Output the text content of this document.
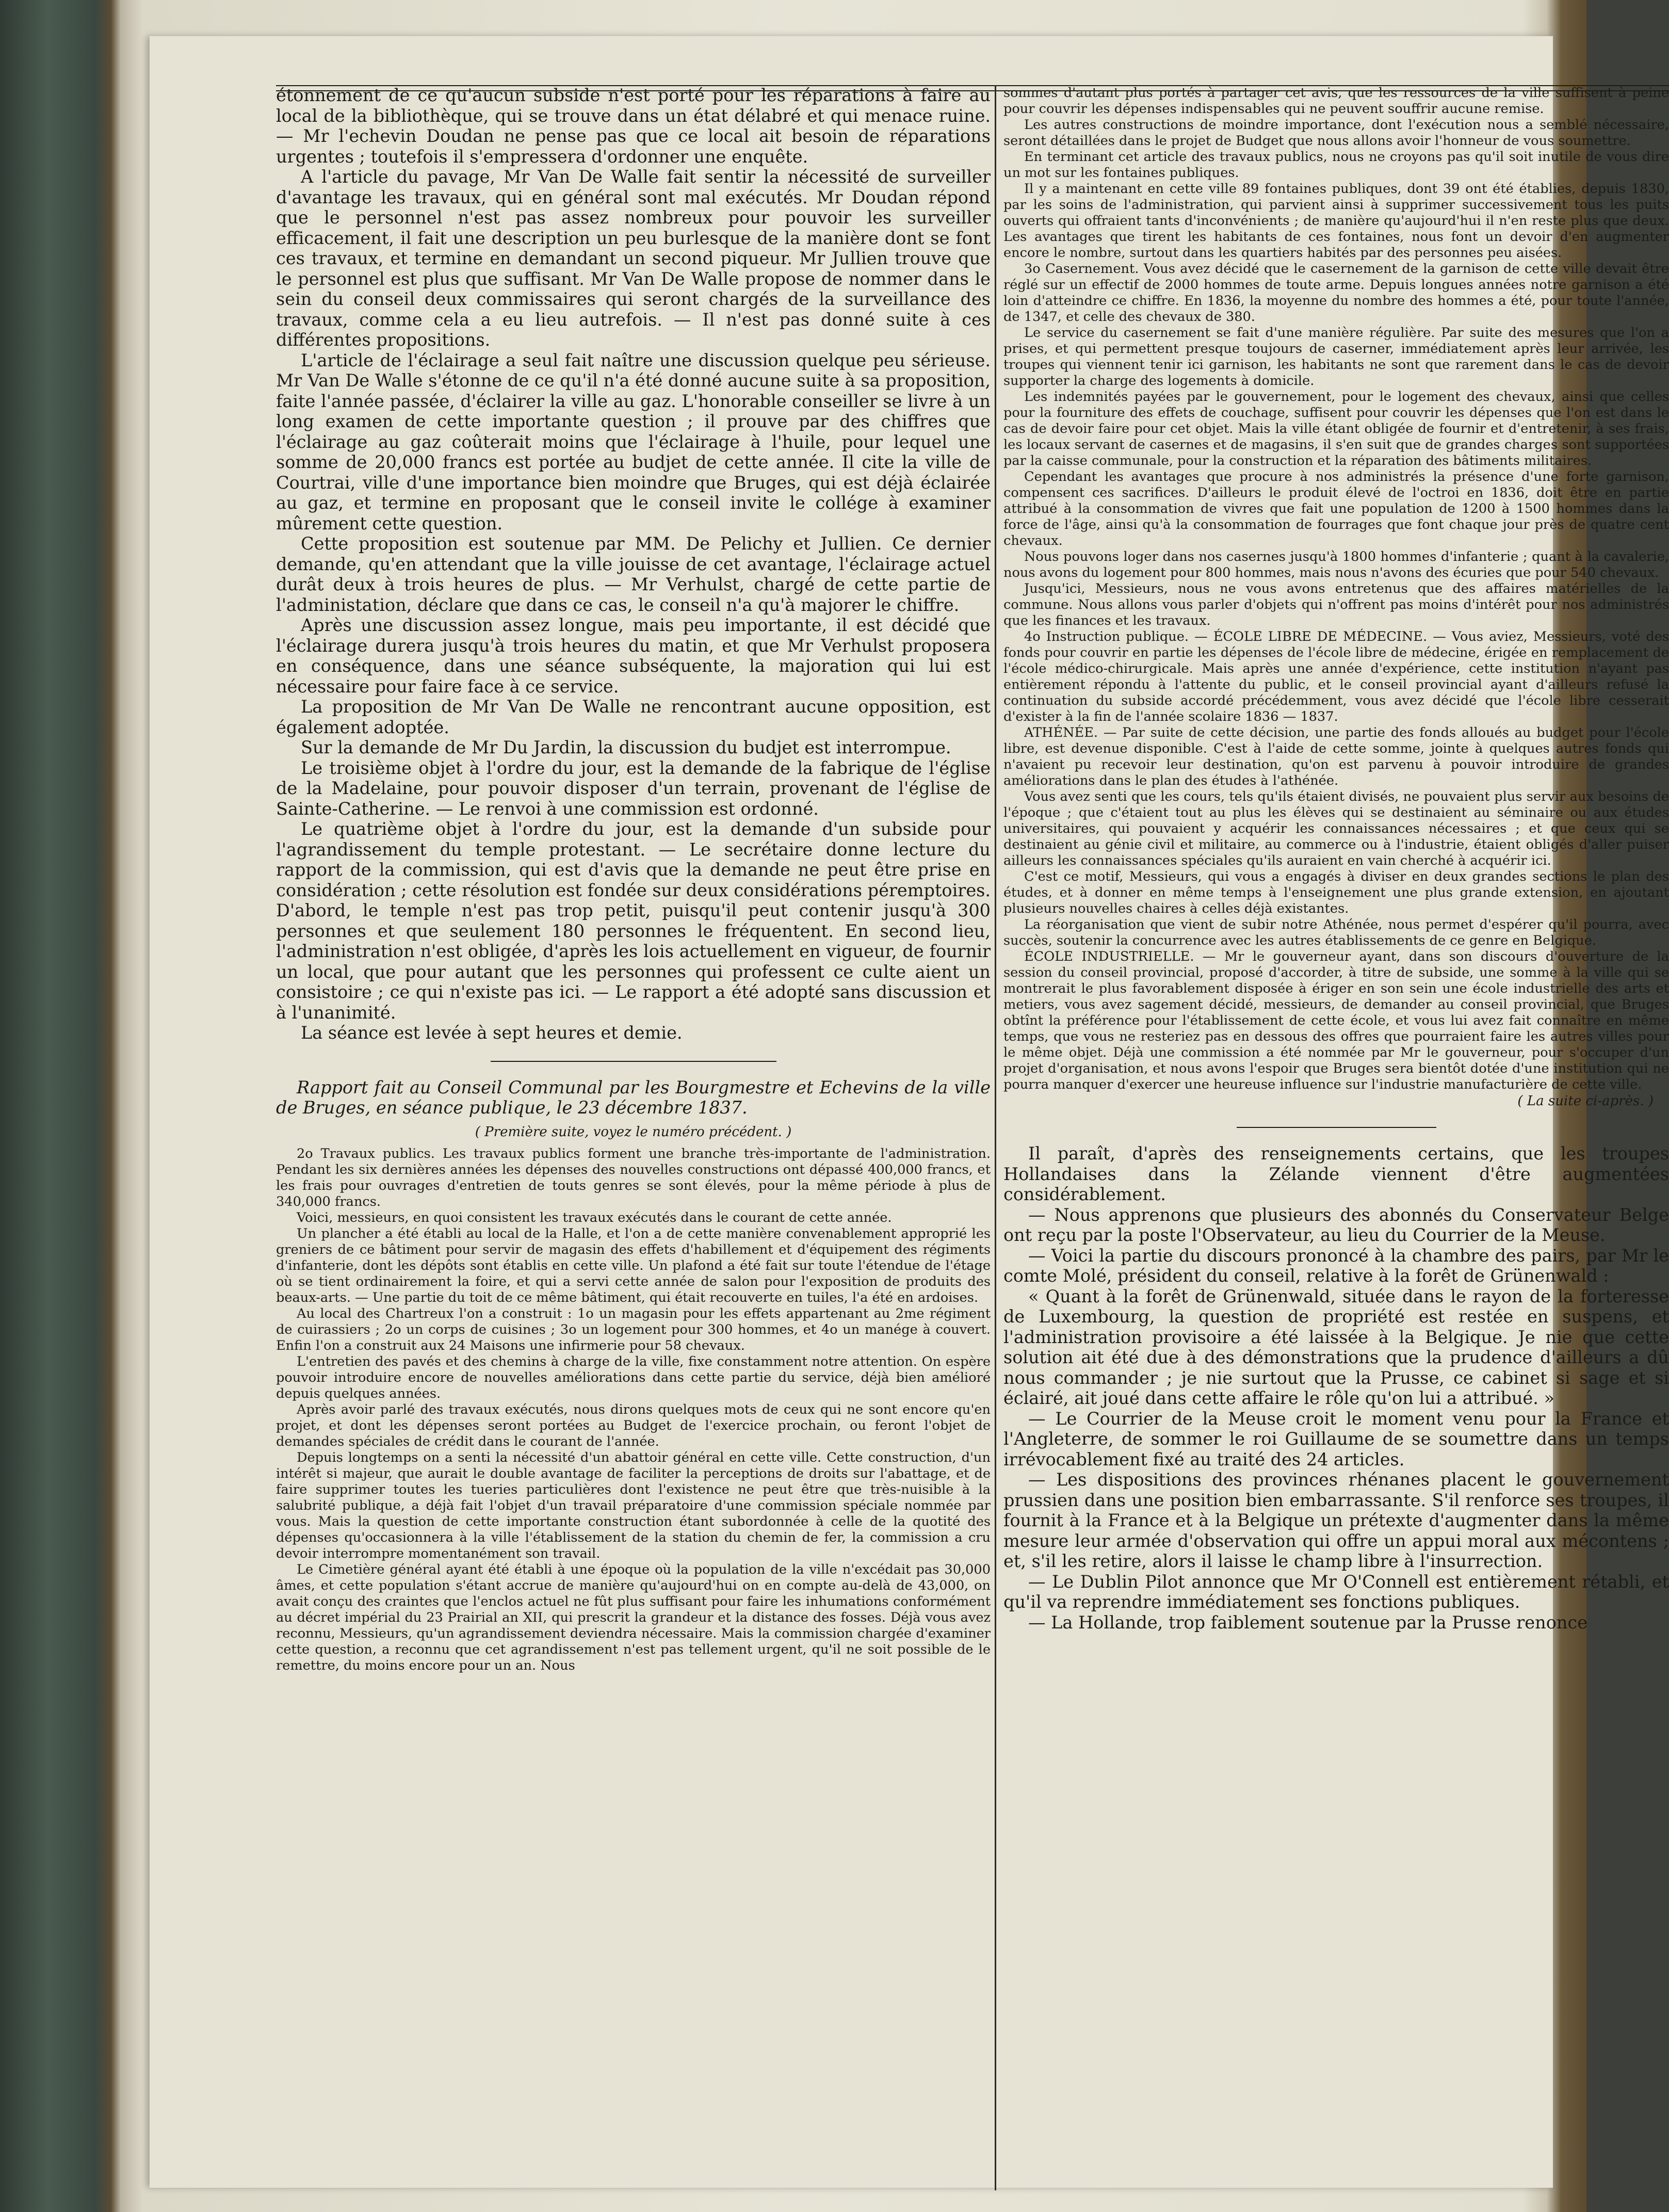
étonnement de ce qu'aucun subside n'est porté pour les réparations à faire au local de la bibliothèque, qui se trouve dans un état délabré et qui menace ruine. — Mr l'echevin Doudan ne pense pas que ce local ait besoin de réparations urgentes ; toutefois il s'empressera d'ordonner une enquête.

A l'article du pavage, Mr Van De Walle fait sentir la nécessité de surveiller d'avantage les travaux, qui en général sont mal exécutés. Mr Doudan répond que le personnel n'est pas assez nombreux pour pouvoir les surveiller efficacement, il fait une description un peu burlesque de la manière dont se font ces travaux, et termine en demandant un second piqueur. Mr Jullien trouve que le personnel est plus que suffisant. Mr Van De Walle propose de nommer dans le sein du conseil deux commissaires qui seront chargés de la surveillance des travaux, comme cela a eu lieu autrefois. — Il n'est pas donné suite à ces différentes propositions.

L'article de l'éclairage a seul fait naître une discussion quelque peu sérieuse. Mr Van De Walle s'étonne de ce qu'il n'a été donné aucune suite à sa proposition, faite l'année passée, d'éclairer la ville au gaz. L'honorable conseiller se livre à un long examen de cette importante question ; il prouve par des chiffres que l'éclairage au gaz coûterait moins que l'éclairage à l'huile, pour lequel une somme de 20,000 francs est portée au budjet de cette année. Il cite la ville de Courtrai, ville d'une importance bien moindre que Bruges, qui est déjà éclairée au gaz, et termine en proposant que le conseil invite le collége à examiner mûrement cette question.

Cette proposition est soutenue par MM. De Pelichy et Jullien. Ce dernier demande, qu'en attendant que la ville jouisse de cet avantage, l'éclairage actuel durât deux à trois heures de plus. — Mr Verhulst, chargé de cette partie de l'administation, déclare que dans ce cas, le conseil n'a qu'à majorer le chiffre.

Après une discussion assez longue, mais peu importante, il est décidé que l'éclairage durera jusqu'à trois heures du matin, et que Mr Verhulst proposera en conséquence, dans une séance subséquente, la majoration qui lui est nécessaire pour faire face à ce service.

La proposition de Mr Van De Walle ne rencontrant aucune opposition, est également adoptée.

Sur la demande de Mr Du Jardin, la discussion du budjet est interrompue.

Le troisième objet à l'ordre du jour, est la demande de la fabrique de l'église de la Madelaine, pour pouvoir disposer d'un terrain, provenant de l'église de Sainte-Catherine. — Le renvoi à une commission est ordonné.

Le quatrième objet à l'ordre du jour, est la demande d'un subside pour l'agrandissement du temple protestant. — Le secrétaire donne lecture du rapport de la commission, qui est d'avis que la demande ne peut être prise en considération ; cette résolution est fondée sur deux considérations péremptoires. D'abord, le temple n'est pas trop petit, puisqu'il peut contenir jusqu'à 300 personnes et que seulement 180 personnes le fréquentent. En second lieu, l'administration n'est obligée, d'après les lois actuellement en vigueur, de fournir un local, que pour autant que les personnes qui professent ce culte aient un consistoire ; ce qui n'existe pas ici. — Le rapport a été adopté sans discussion et à l'unanimité.

La séance est levée à sept heures et demie.

Rapport fait au Conseil Communal par les Bourgmestre et Echevins de la ville de Bruges, en séance publique, le 23 décembre 1837.
( Première suite, voyez le numéro précédent. )

2o Travaux publics. Les travaux publics forment une branche très-importante de l'administration. Pendant les six dernières années les dépenses des nouvelles constructions ont dépassé 400,000 francs, et les frais pour ouvrages d'entretien de touts genres se sont élevés, pour la même période à plus de 340,000 francs.

Voici, messieurs, en quoi consistent les travaux exécutés dans le courant de cette année.

Un plancher a été établi au local de la Halle, et l'on a de cette manière convenablement approprié les greniers de ce bâtiment pour servir de magasin des effets d'habillement et d'équipement des régiments d'infanterie, dont les dépôts sont établis en cette ville. Un plafond a été fait sur toute l'étendue de l'étage où se tient ordinairement la foire, et qui a servi cette année de salon pour l'exposition de produits des beaux-arts. — Une partie du toit de ce même bâtiment, qui était recouverte en tuiles, l'a été en ardoises.

Au local des Chartreux l'on a construit : 1o un magasin pour les effets appartenant au 2me régiment de cuirassiers ; 2o un corps de cuisines ; 3o un logement pour 300 hommes, et 4o un manége à couvert. Enfin l'on a construit aux 24 Maisons une infirmerie pour 58 chevaux.

L'entretien des pavés et des chemins à charge de la ville, fixe constamment notre attention. On espère pouvoir introduire encore de nouvelles améliorations dans cette partie du service, déjà bien amélioré depuis quelques années.

Après avoir parlé des travaux exécutés, nous dirons quelques mots de ceux qui ne sont encore qu'en projet, et dont les dépenses seront portées au Budget de l'exercice prochain, ou feront l'objet de demandes spéciales de crédit dans le courant de l'année.

Depuis longtemps on a senti la nécessité d'un abattoir général en cette ville. Cette construction, d'un intérêt si majeur, que aurait le double avantage de faciliter la perceptions de droits sur l'abattage, et de faire supprimer toutes les tueries particulières dont l'existence ne peut être que très-nuisible à la salubrité publique, a déjà fait l'objet d'un travail préparatoire d'une commission spéciale nommée par vous. Mais la question de cette importante construction étant subordonnée à celle de la quotité des dépenses qu'occasionnera à la ville l'établissement de la station du chemin de fer, la commission a cru devoir interrompre momentanément son travail.

Le Cimetière général ayant été établi à une époque où la population de la ville n'excédait pas 30,000 âmes, et cette population s'étant accrue de manière qu'aujourd'hui on en compte au-delà de 43,000, on avait conçu des craintes que l'enclos actuel ne fût plus suffisant pour faire les inhumations conformément au décret impérial du 23 Prairial an XII, qui prescrit la grandeur et la distance des fosses. Déjà vous avez reconnu, Messieurs, qu'un agrandissement deviendra nécessaire. Mais la commission chargée d'examiner cette question, a reconnu que cet agrandissement n'est pas tellement urgent, qu'il ne soit possible de le remettre, du moins encore pour un an. Nous

sommes d'autant plus portés à partager cet avis, que les ressources de la ville suffisent à peine pour couvrir les dépenses indispensables qui ne peuvent souffrir aucune remise.

Les autres constructions de moindre importance, dont l'exécution nous a semblé nécessaire, seront détaillées dans le projet de Budget que nous allons avoir l'honneur de vous soumettre.

En terminant cet article des travaux publics, nous ne croyons pas qu'il soit inutile de vous dire un mot sur les fontaines publiques.

Il y a maintenant en cette ville 89 fontaines publiques, dont 39 ont été établies, depuis 1830, par les soins de l'administration, qui parvient ainsi à supprimer successivement tous les puits ouverts qui offraient tants d'inconvénients ; de manière qu'aujourd'hui il n'en reste plus que deux. Les avantages que tirent les habitants de ces fontaines, nous font un devoir d'en augmenter encore le nombre, surtout dans les quartiers habités par des personnes peu aisées.

3o Casernement. Vous avez décidé que le casernement de la garnison de cette ville devait être réglé sur un effectif de 2000 hommes de toute arme. Depuis longues années notre garnison a été loin d'atteindre ce chiffre. En 1836, la moyenne du nombre des hommes a été, pour toute l'année, de 1347, et celle des chevaux de 380.

Le service du casernement se fait d'une manière régulière. Par suite des mesures que l'on a prises, et qui permettent presque toujours de caserner, immédiatement après leur arrivée, les troupes qui viennent tenir ici garnison, les habitants ne sont que rarement dans le cas de devoir supporter la charge des logements à domicile.

Les indemnités payées par le gouvernement, pour le logement des chevaux, ainsi que celles pour la fourniture des effets de couchage, suffisent pour couvrir les dépenses que l'on est dans le cas de devoir faire pour cet objet. Mais la ville étant obligée de fournir et d'entretenir, à ses frais, les locaux servant de casernes et de magasins, il s'en suit que de grandes charges sont supportées par la caisse communale, pour la construction et la réparation des bâtiments militaires.

Cependant les avantages que procure à nos administrés la présence d'une forte garnison, compensent ces sacrifices. D'ailleurs le produit élevé de l'octroi en 1836, doit être en partie attribué à la consommation de vivres que fait une population de 1200 à 1500 hommes dans la force de l'âge, ainsi qu'à la consommation de fourrages que font chaque jour près de quatre cent chevaux.

Nous pouvons loger dans nos casernes jusqu'à 1800 hommes d'infanterie ; quant à la cavalerie, nous avons du logement pour 800 hommes, mais nous n'avons des écuries que pour 540 chevaux.

Jusqu'ici, Messieurs, nous ne vous avons entretenus que des affaires matérielles de la commune. Nous allons vous parler d'objets qui n'offrent pas moins d'intérêt pour nos administrés que les finances et les travaux.

4o Instruction publique. — ÉCOLE LIBRE DE MÉDECINE. — Vous aviez, Messieurs, voté des fonds pour couvrir en partie les dépenses de l'école libre de médecine, érigée en remplacement de l'école médico-chirurgicale. Mais après une année d'expérience, cette institution n'ayant pas entièrement répondu à l'attente du public, et le conseil provincial ayant d'ailleurs refusé la continuation du subside accordé précédemment, vous avez décidé que l'école libre cesserait d'exister à la fin de l'année scolaire 1836 — 1837.

ATHÉNÉE. — Par suite de cette décision, une partie des fonds alloués au budget pour l'école libre, est devenue disponible. C'est à l'aide de cette somme, jointe à quelques autres fonds qui n'avaient pu recevoir leur destination, qu'on est parvenu à pouvoir introduire de grandes améliorations dans le plan des études à l'athénée.

Vous avez senti que les cours, tels qu'ils étaient divisés, ne pouvaient plus servir aux besoins de l'époque ; que c'étaient tout au plus les élèves qui se destinaient au séminaire ou aux études universitaires, qui pouvaient y acquérir les connaissances nécessaires ; et que ceux qui se destinaient au génie civil et militaire, au commerce ou à l'industrie, étaient obligés d'aller puiser ailleurs les connaissances spéciales qu'ils auraient en vain cherché à acquérir ici.

C'est ce motif, Messieurs, qui vous a engagés à diviser en deux grandes sections le plan des études, et à donner en même temps à l'enseignement une plus grande extension, en ajoutant plusieurs nouvelles chaires à celles déjà existantes.

La réorganisation que vient de subir notre Athénée, nous permet d'espérer qu'il pourra, avec succès, soutenir la concurrence avec les autres établissements de ce genre en Belgique.

ÉCOLE INDUSTRIELLE. — Mr le gouverneur ayant, dans son discours d'ouverture de la session du conseil provincial, proposé d'accorder, à titre de subside, une somme à la ville qui se montrerait le plus favorablement disposée à ériger en son sein une école industrielle des arts et metiers, vous avez sagement décidé, messieurs, de demander au conseil provincial, que Bruges obtînt la préférence pour l'établissement de cette école, et vous lui avez fait connaître en même temps, que vous ne resteriez pas en dessous des offres que pourraient faire les autres villes pour le même objet. Déjà une commission a été nommée par Mr le gouverneur, pour s'occuper d'un projet d'organisation, et nous avons l'espoir que Bruges sera bientôt dotée d'une institution qui ne pourra manquer d'exercer une heureuse influence sur l'industrie manufacturière de cette ville.

( La suite ci-après. )

Il paraît, d'après des renseignements certains, que les troupes Hollandaises dans la Zélande viennent d'être augmentées considérablement.

— Nous apprenons que plusieurs des abonnés du Conservateur Belge ont reçu par la poste l'Observateur, au lieu du Courrier de la Meuse.

— Voici la partie du discours prononcé à la chambre des pairs, par Mr le comte Molé, président du conseil, relative à la forêt de Grünenwald :

« Quant à la forêt de Grünenwald, située dans le rayon de la forteresse de Luxembourg, la question de propriété est restée en suspens, et l'administration provisoire a été laissée à la Belgique. Je nie que cette solution ait été due à des démonstrations que la prudence d'ailleurs a dû nous commander ; je nie surtout que la Prusse, ce cabinet si sage et si éclairé, ait joué dans cette affaire le rôle qu'on lui a attribué. »

— Le Courrier de la Meuse croit le moment venu pour la France et l'Angleterre, de sommer le roi Guillaume de se soumettre dans un temps irrévocablement fixé au traité des 24 articles.

— Les dispositions des provinces rhénanes placent le gouvernement prussien dans une position bien embarrassante. S'il renforce ses troupes, il fournit à la France et à la Belgique un prétexte d'augmenter dans la même mesure leur armée d'observation qui offre un appui moral aux mécontens ; et, s'il les retire, alors il laisse le champ libre à l'insurrection.

— Le Dublin Pilot annonce que Mr O'Connell est entièrement rétabli, et qu'il va reprendre immédiatement ses fonctions publiques.

— La Hollande, trop faiblement soutenue par la Prusse renonce
